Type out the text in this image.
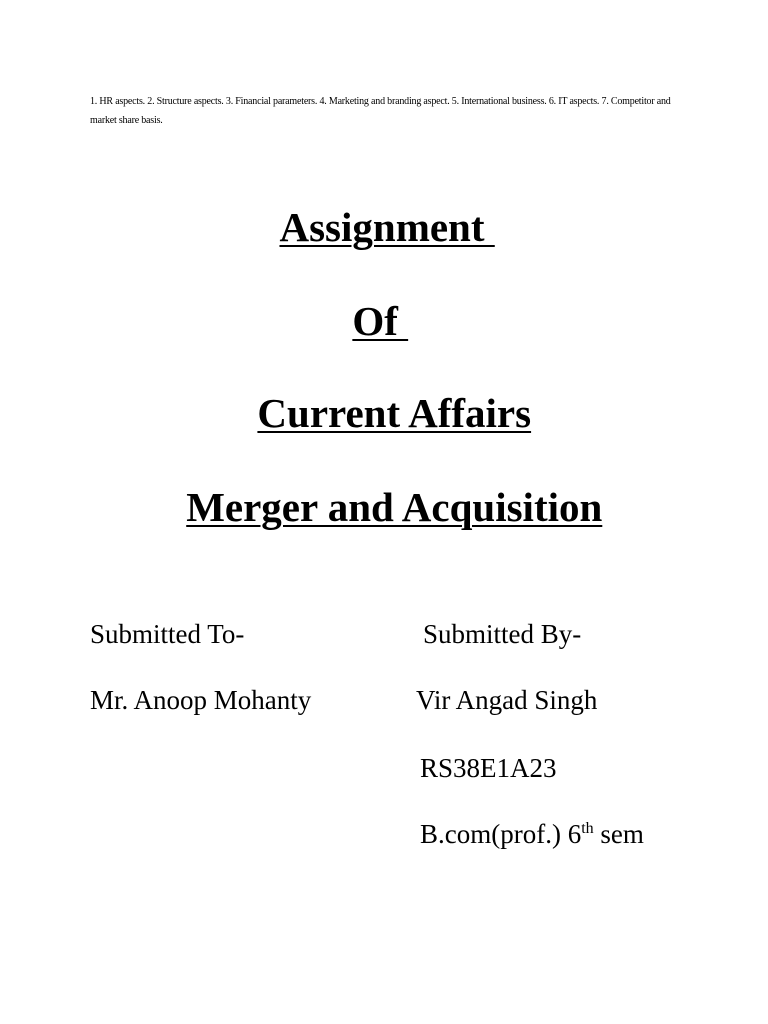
1. HR aspects. 2. Structure aspects. 3. Financial parameters. 4. Marketing and branding aspect. 5. International business. 6. IT aspects. 7. Competitor and market share basis.

Assignment

Of

Current Affairs

Merger and Acquisition

Submitted To-
Mr. Anoop Mohanty
Submitted By-
Vir Angad Singh
RS38E1A23
B.com(prof.) 6th sem
